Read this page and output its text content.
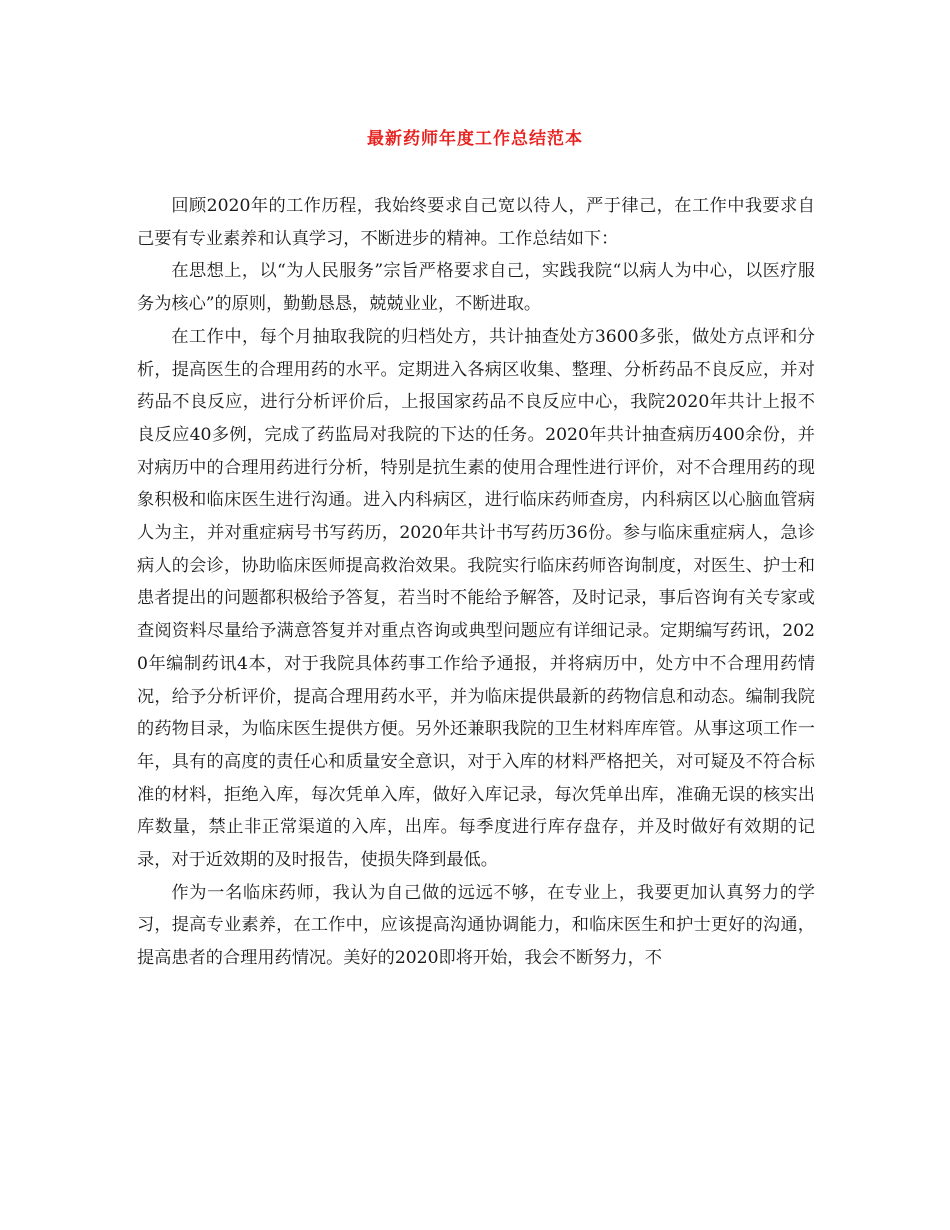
最新药师年度工作总结范本

回顾2020年的工作历程，我始终要求自己宽以待人，严于律己，在工作中我要求自己要有专业素养和认真学习，不断进步的精神。工作总结如下：

在思想上，以“为人民服务”宗旨严格要求自己，实践我院“以病人为中心，以医疗服务为核心”的原则，勤勤恳恳，兢兢业业，不断进取。

在工作中，每个月抽取我院的归档处方，共计抽查处方3600多张，做处方点评和分析，提高医生的合理用药的水平。定期进入各病区收集、整理、分析药品不良反应，并对药品不良反应，进行分析评价后，上报国家药品不良反应中心，我院2020年共计上报不良反应40多例，完成了药监局对我院的下达的任务。2020年共计抽查病历400余份，并对病历中的合理用药进行分析，特别是抗生素的使用合理性进行评价，对不合理用药的现象积极和临床医生进行沟通。进入内科病区，进行临床药师查房，内科病区以心脑血管病人为主，并对重症病号书写药历，2020年共计书写药历36份。参与临床重症病人，急诊病人的会诊，协助临床医师提高救治效果。我院实行临床药师咨询制度，对医生、护士和患者提出的问题都积极给予答复，若当时不能给予解答，及时记录，事后咨询有关专家或查阅资料尽量给予满意答复并对重点咨询或典型问题应有详细记录。定期编写药讯，2020年编制药讯4本，对于我院具体药事工作给予通报，并将病历中，处方中不合理用药情况，给予分析评价，提高合理用药水平，并为临床提供最新的药物信息和动态。编制我院的药物目录，为临床医生提供方便。另外还兼职我院的卫生材料库库管。从事这项工作一年，具有的高度的责任心和质量安全意识，对于入库的材料严格把关，对可疑及不符合标准的材料，拒绝入库，每次凭单入库，做好入库记录，每次凭单出库，准确无误的核实出库数量，禁止非正常渠道的入库，出库。每季度进行库存盘存，并及时做好有效期的记录，对于近效期的及时报告，使损失降到最低。

作为一名临床药师，我认为自己做的远远不够，在专业上，我要更加认真努力的学习，提高专业素养，在工作中，应该提高沟通协调能力，和临床医生和护士更好的沟通，提高患者的合理用药情况。美好的2020即将开始，我会不断努力，不
